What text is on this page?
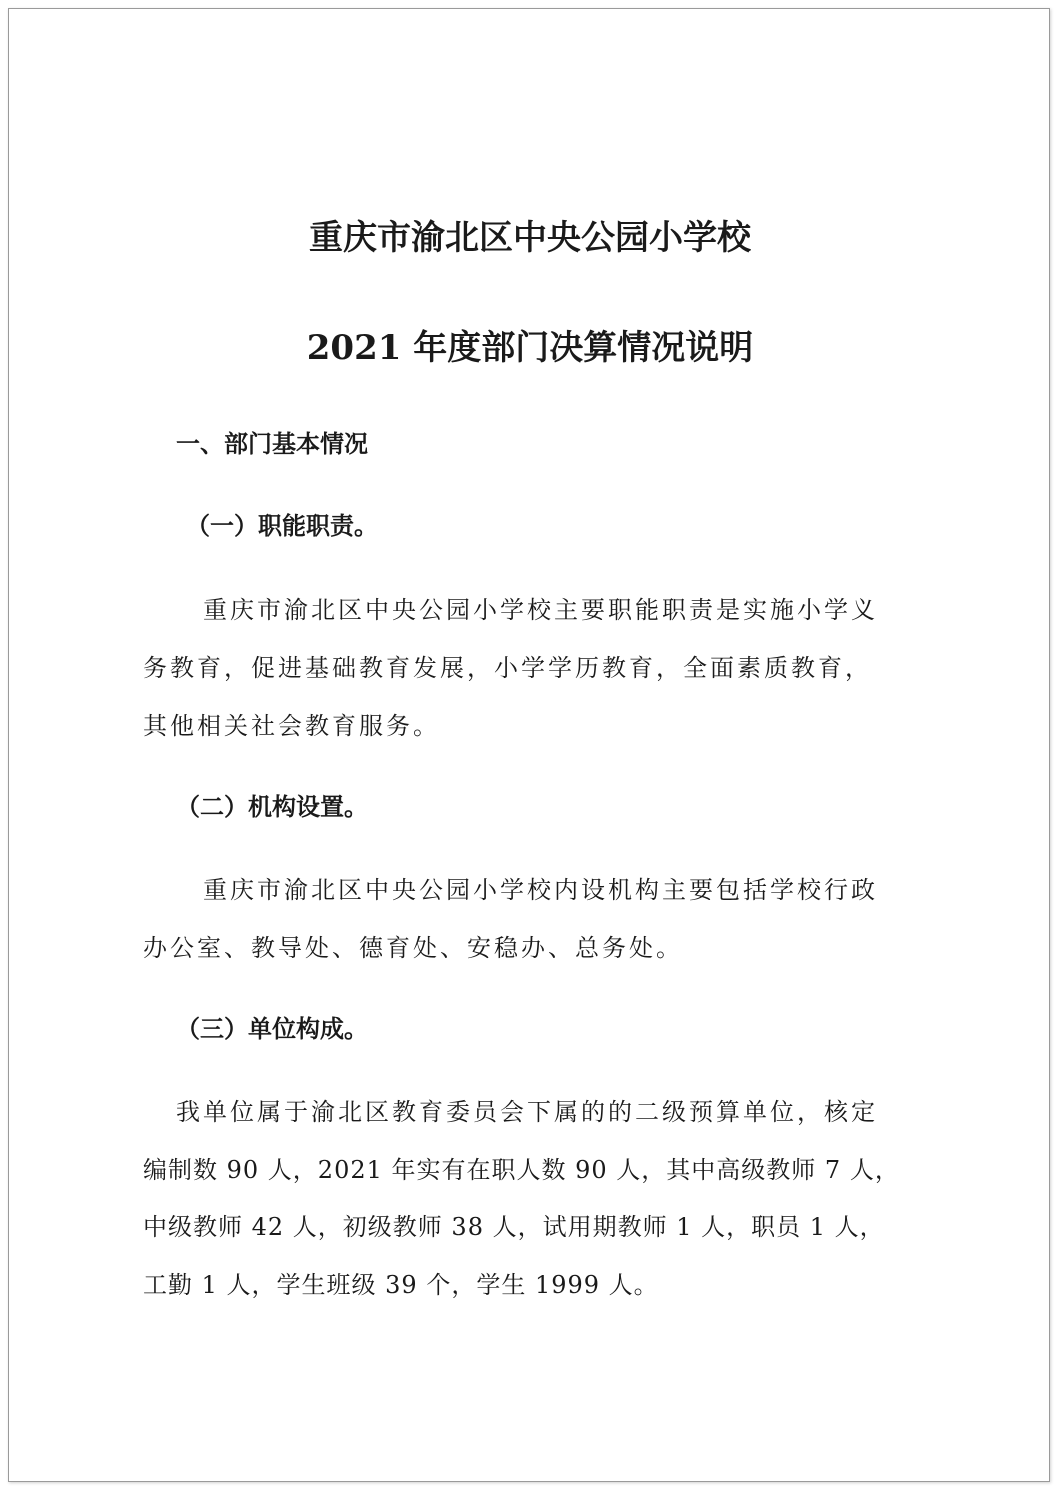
重庆市渝北区中央公园小学校
2021 年度部门决算情况说明
一、部门基本情况
（一）职能职责。
重庆市渝北区中央公园小学校主要职能职责是实施小学义
务教育，促进基础教育发展，小学学历教育，全面素质教育，
其他相关社会教育服务。
（二）机构设置。
重庆市渝北区中央公园小学校内设机构主要包括学校行政
办公室、教导处、德育处、安稳办、总务处。
（三）单位构成。
我单位属于渝北区教育委员会下属的的二级预算单位，核定
编制数 90 人，2021 年实有在职人数 90 人，其中高级教师 7 人，
中级教师 42 人，初级教师 38 人，试用期教师 1 人，职员 1 人，
工勤 1 人，学生班级 39 个，学生 1999 人。
